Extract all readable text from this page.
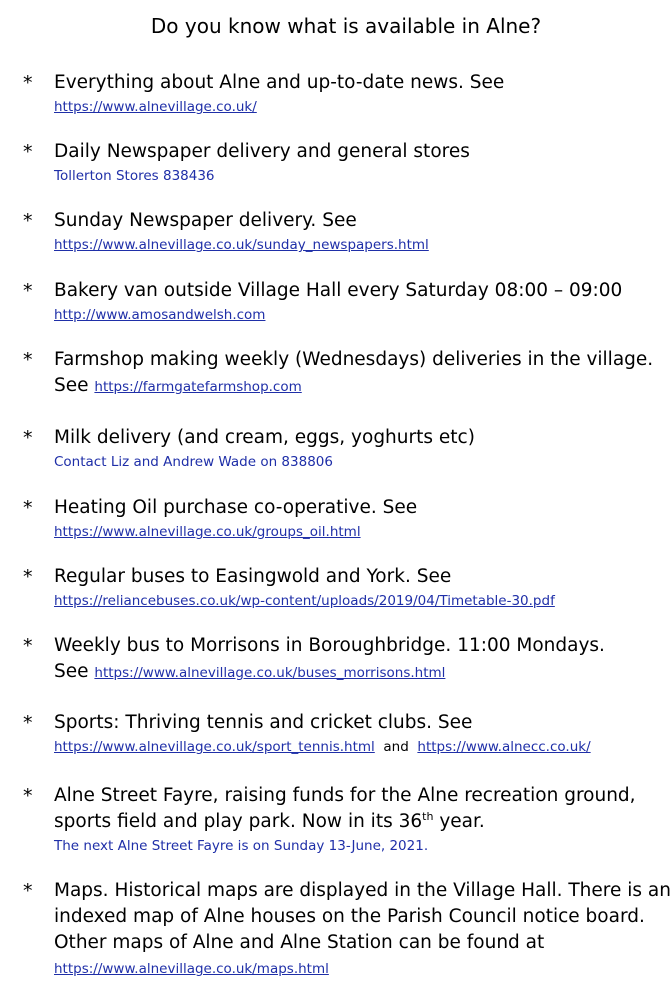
Do you know what is available in Alne?
* Everything about Alne and up-to-date news. See
https://www.alnevillage.co.uk/
* Daily Newspaper delivery and general stores
Tollerton Stores 838436
* Sunday Newspaper delivery. See
https://www.alnevillage.co.uk/sunday_newspapers.html
* Bakery van outside Village Hall every Saturday 08:00 – 09:00
http://www.amosandwelsh.com
* Farmshop making weekly (Wednesdays) deliveries in the village.
See https://farmgatefarmshop.com
* Milk delivery (and cream, eggs, yoghurts etc)
Contact Liz and Andrew Wade on 838806
* Heating Oil purchase co-operative. See
https://www.alnevillage.co.uk/groups_oil.html
* Regular buses to Easingwold and York. See
https://reliancebuses.co.uk/wp-content/uploads/2019/04/Timetable-30.pdf
* Weekly bus to Morrisons in Boroughbridge. 11:00 Mondays.
See https://www.alnevillage.co.uk/buses_morrisons.html
* Sports: Thriving tennis and cricket clubs. See
https://www.alnevillage.co.uk/sport_tennis.html and https://www.alnecc.co.uk/
* Alne Street Fayre, raising funds for the Alne recreation ground,
sports field and play park. Now in its 36th year.
The next Alne Street Fayre is on Sunday 13-June, 2021.
* Maps. Historical maps are displayed in the Village Hall. There is an
indexed map of Alne houses on the Parish Council notice board.
Other maps of Alne and Alne Station can be found at
https://www.alnevillage.co.uk/maps.html
